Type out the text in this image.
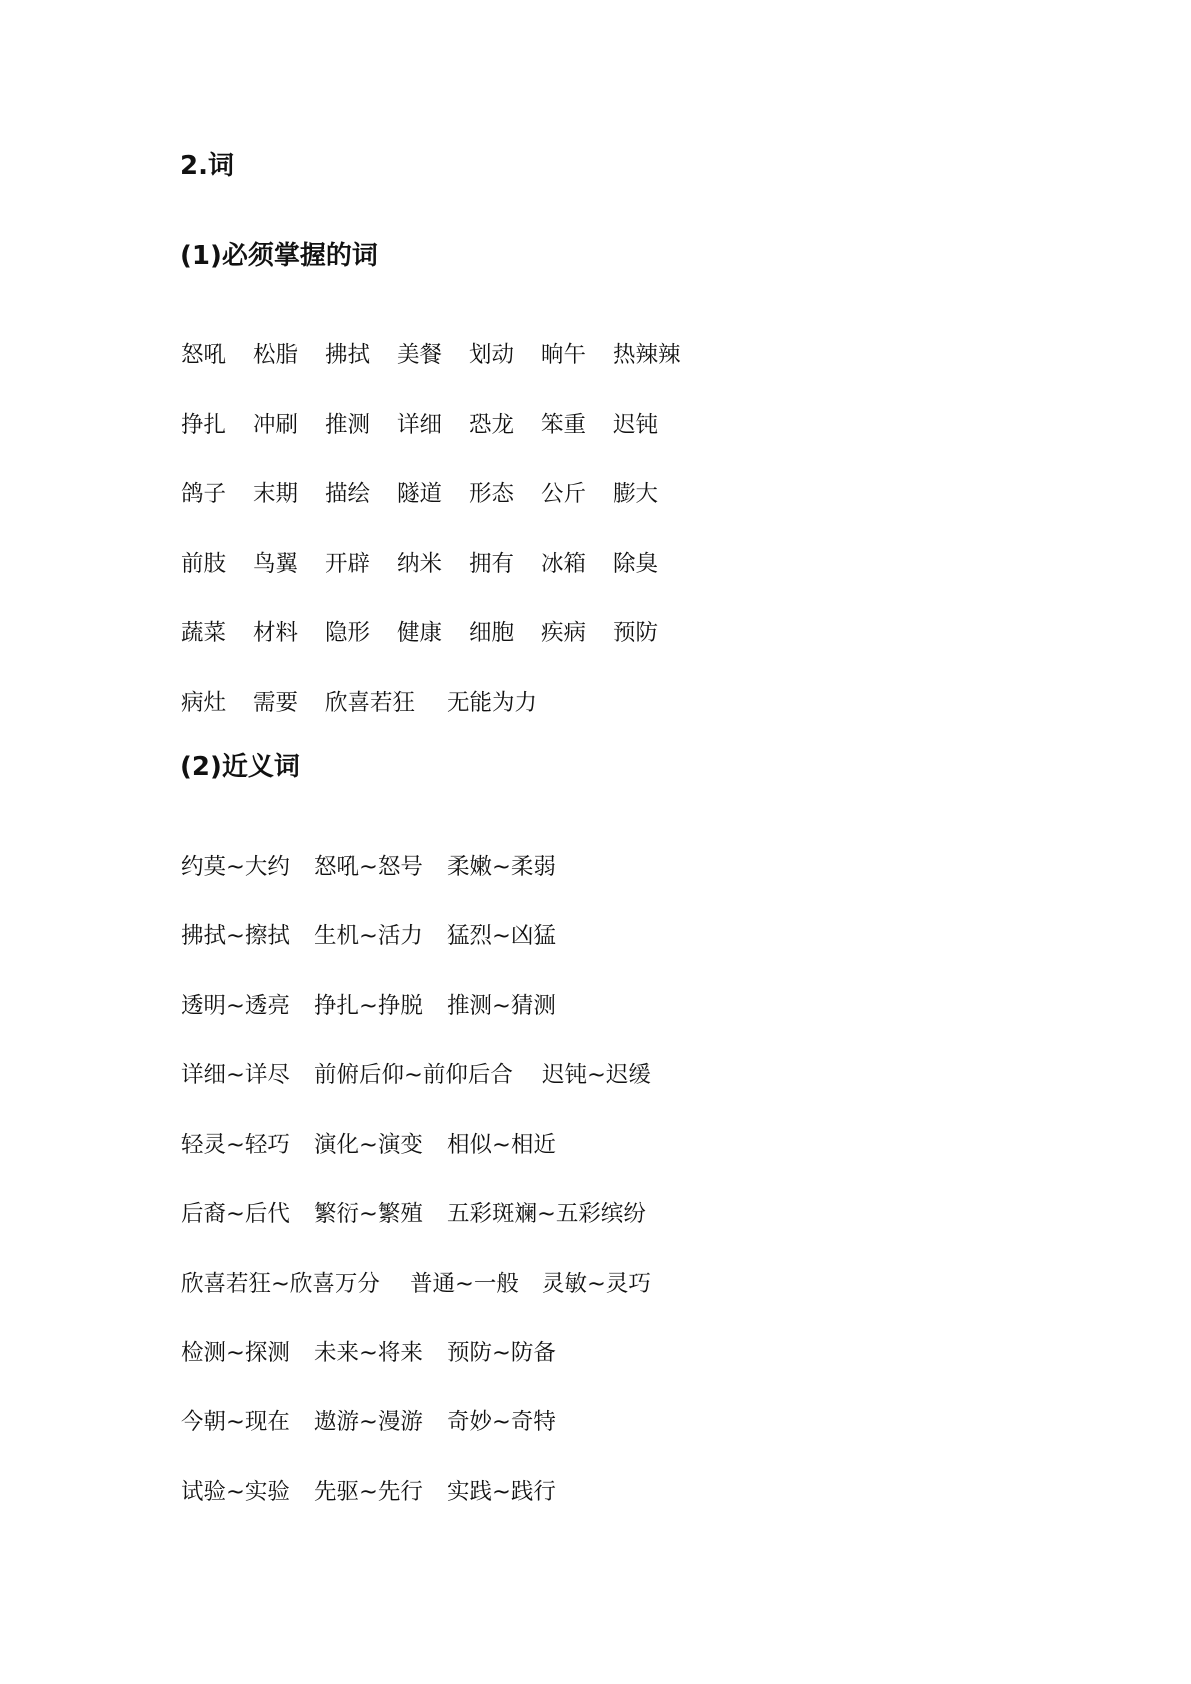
2.词
(1)必须掌握的词
怒吼 松脂 拂拭 美餐 划动 晌午 热辣辣
挣扎 冲刷 推测 详细 恐龙 笨重 迟钝
鸽子 末期 描绘 隧道 形态 公斤 膨大
前肢 鸟翼 开辟 纳米 拥有 冰箱 除臭
蔬菜 材料 隐形 健康 细胞 疾病 预防
病灶 需要 欣喜若狂 无能为力
(2)近义词
约莫~大约 怒吼~怒号 柔嫩~柔弱
拂拭~擦拭 生机~活力 猛烈~凶猛
透明~透亮 挣扎~挣脱 推测~猜测
详细~详尽 前俯后仰~前仰后合 迟钝~迟缓
轻灵~轻巧 演化~演变 相似~相近
后裔~后代 繁衍~繁殖 五彩斑斓~五彩缤纷
欣喜若狂~欣喜万分 普通~一般 灵敏~灵巧
检测~探测 未来~将来 预防~防备
今朝~现在 遨游~漫游 奇妙~奇特
试验~实验 先驱~先行 实践~践行
